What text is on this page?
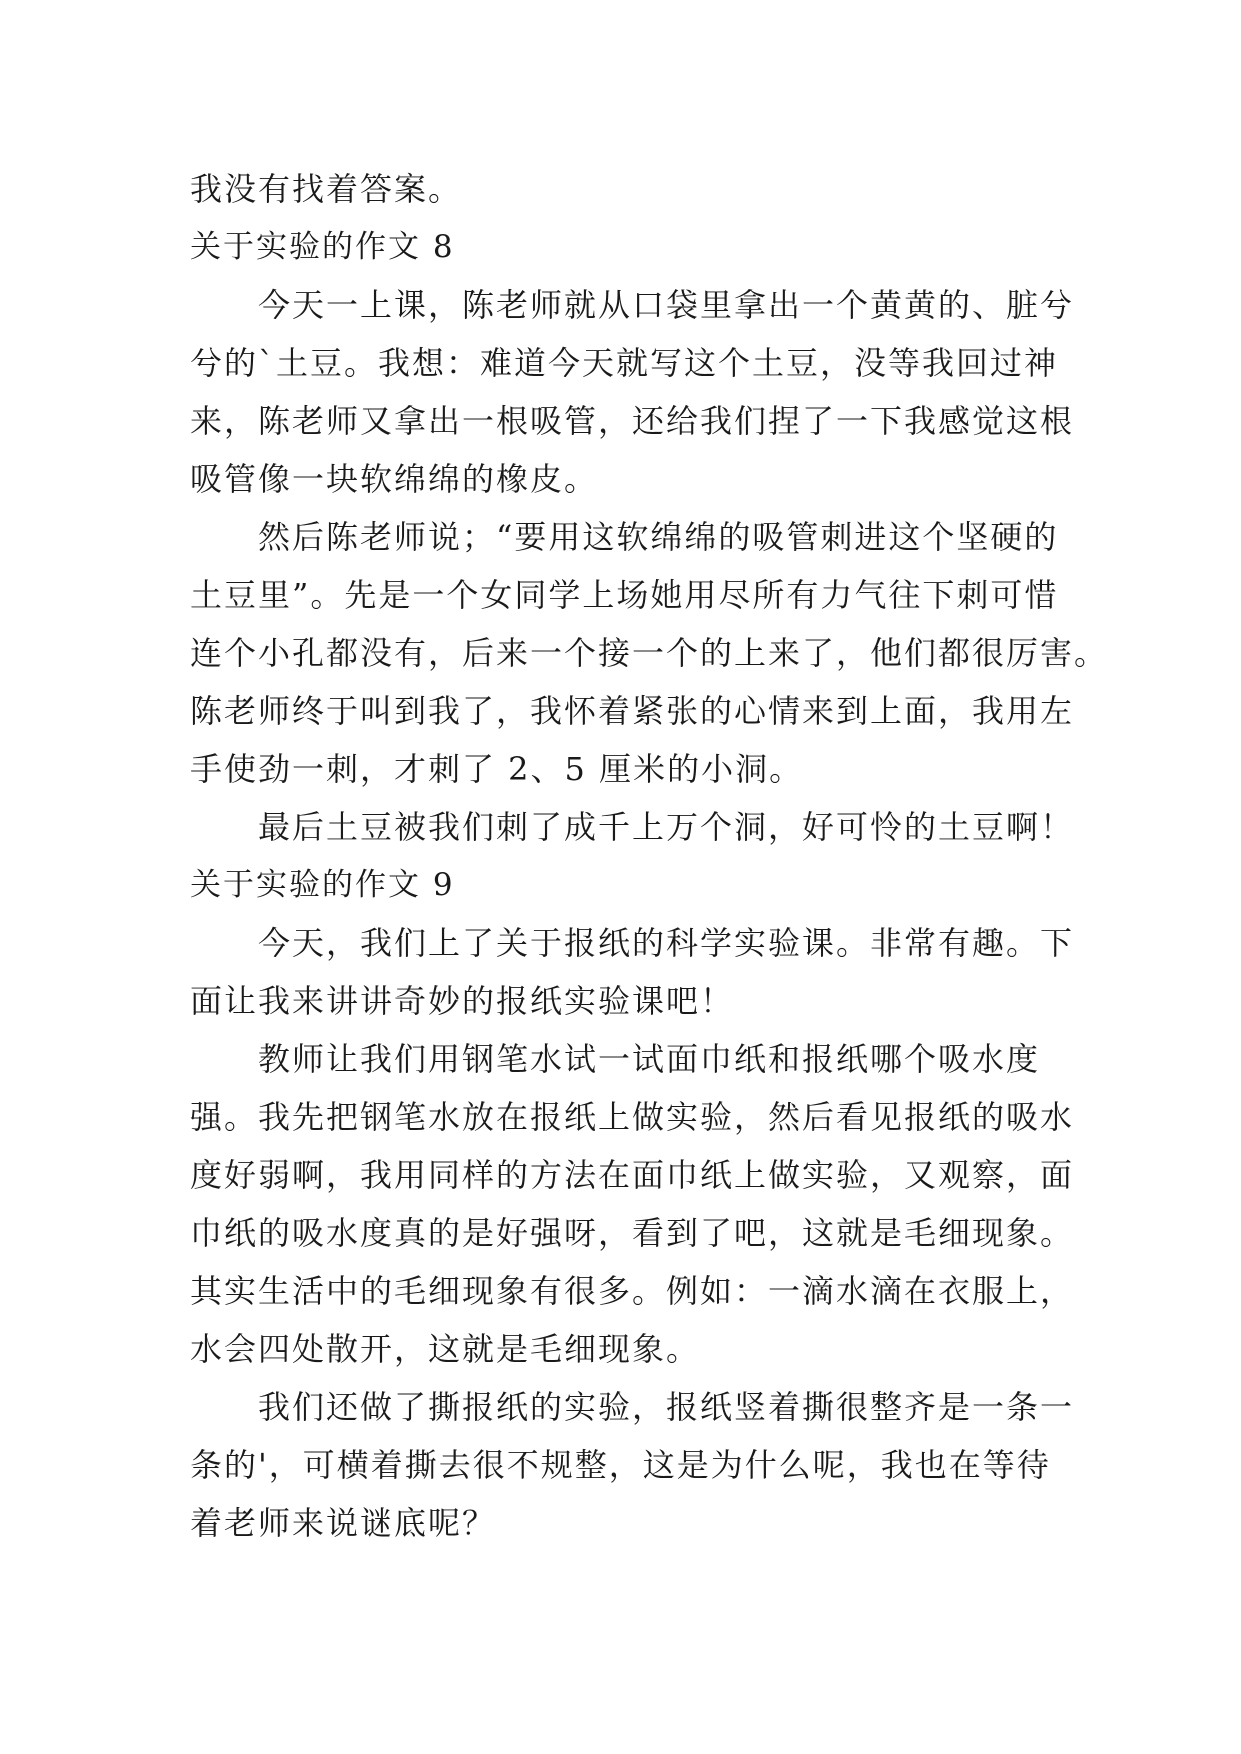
我没有找着答案。
关于实验的作文 8
今天一上课，陈老师就从口袋里拿出一个黄黄的、脏兮
兮的`土豆。我想：难道今天就写这个土豆，没等我回过神
来，陈老师又拿出一根吸管，还给我们捏了一下我感觉这根
吸管像一块软绵绵的橡皮。
然后陈老师说；“要用这软绵绵的吸管刺进这个坚硬的
土豆里”。先是一个女同学上场她用尽所有力气往下刺可惜
连个小孔都没有，后来一个接一个的上来了，他们都很厉害。
陈老师终于叫到我了，我怀着紧张的心情来到上面，我用左
手使劲一刺，才刺了 2、5 厘米的小洞。
最后土豆被我们刺了成千上万个洞，好可怜的土豆啊！
关于实验的作文 9
今天，我们上了关于报纸的科学实验课。非常有趣。下
面让我来讲讲奇妙的报纸实验课吧！
教师让我们用钢笔水试一试面巾纸和报纸哪个吸水度
强。我先把钢笔水放在报纸上做实验，然后看见报纸的吸水
度好弱啊，我用同样的方法在面巾纸上做实验，又观察，面
巾纸的吸水度真的是好强呀，看到了吧，这就是毛细现象。
其实生活中的毛细现象有很多。例如：一滴水滴在衣服上，
水会四处散开，这就是毛细现象。
我们还做了撕报纸的实验，报纸竖着撕很整齐是一条一
条的'，可横着撕去很不规整，这是为什么呢，我也在等待
着老师来说谜底呢？
